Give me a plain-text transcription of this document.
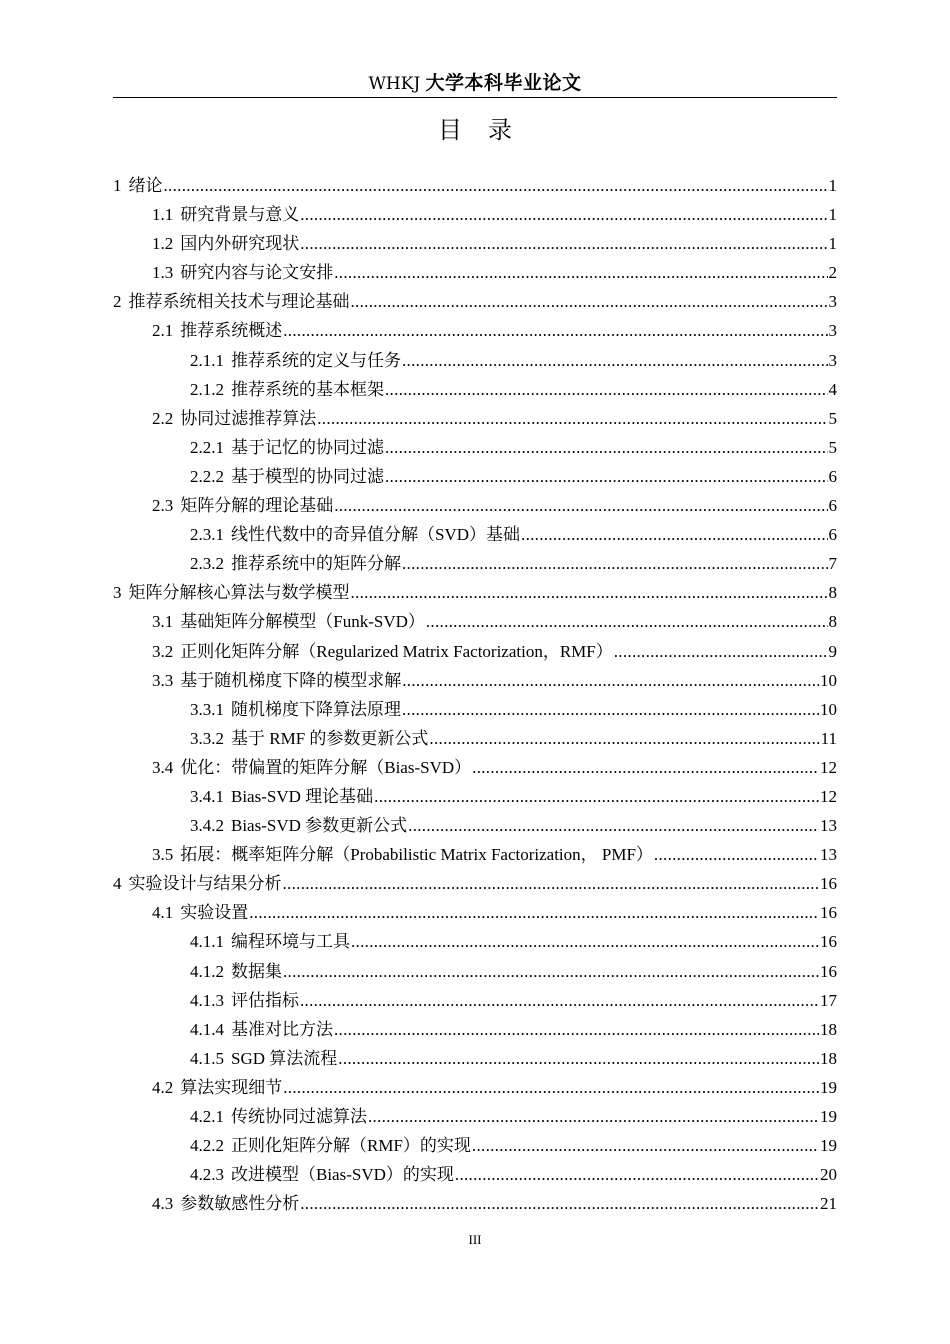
WHKJ 大学本科毕业论文
目录
1 绪论 .....	1
1.1 研究背景与意义 .....	1
1.2 国内外研究现状 .....	1
1.3 研究内容与论文安排 .....	2
2 推荐系统相关技术与理论基础 .....	3
2.1 推荐系统概述 .....	3
2.1.1 推荐系统的定义与任务 .....	3
2.1.2 推荐系统的基本框架 .....	4
2.2 协同过滤推荐算法 .....	5
2.2.1 基于记忆的协同过滤 .....	5
2.2.2 基于模型的协同过滤 .....	6
2.3 矩阵分解的理论基础 .....	6
2.3.1 线性代数中的奇异值分解（SVD）基础 .....	6
2.3.2 推荐系统中的矩阵分解 .....	7
3 矩阵分解核心算法与数学模型 .....	8
3.1 基础矩阵分解模型（Funk-SVD） .....	8
3.2 正则化矩阵分解（Regularized Matrix Factorization，RMF） .....	9
3.3 基于随机梯度下降的模型求解 .....	10
3.3.1 随机梯度下降算法原理 .....	10
3.3.2 基于 RMF 的参数更新公式 .....	11
3.4 优化：带偏置的矩阵分解（Bias-SVD） .....	12
3.4.1 Bias-SVD 理论基础 .....	12
3.4.2 Bias-SVD 参数更新公式 .....	13
3.5 拓展：概率矩阵分解（Probabilistic Matrix Factorization， PMF） .....	13
4 实验设计与结果分析 .....	16
4.1 实验设置 .....	16
4.1.1 编程环境与工具 .....	16
4.1.2 数据集 .....	16
4.1.3 评估指标 .....	17
4.1.4 基准对比方法 .....	18
4.1.5 SGD 算法流程 .....	18
4.2 算法实现细节 .....	19
4.2.1 传统协同过滤算法 .....	19
4.2.2 正则化矩阵分解（RMF）的实现 .....	19
4.2.3 改进模型（Bias-SVD）的实现 .....	20
4.3 参数敏感性分析 .....	21
III
